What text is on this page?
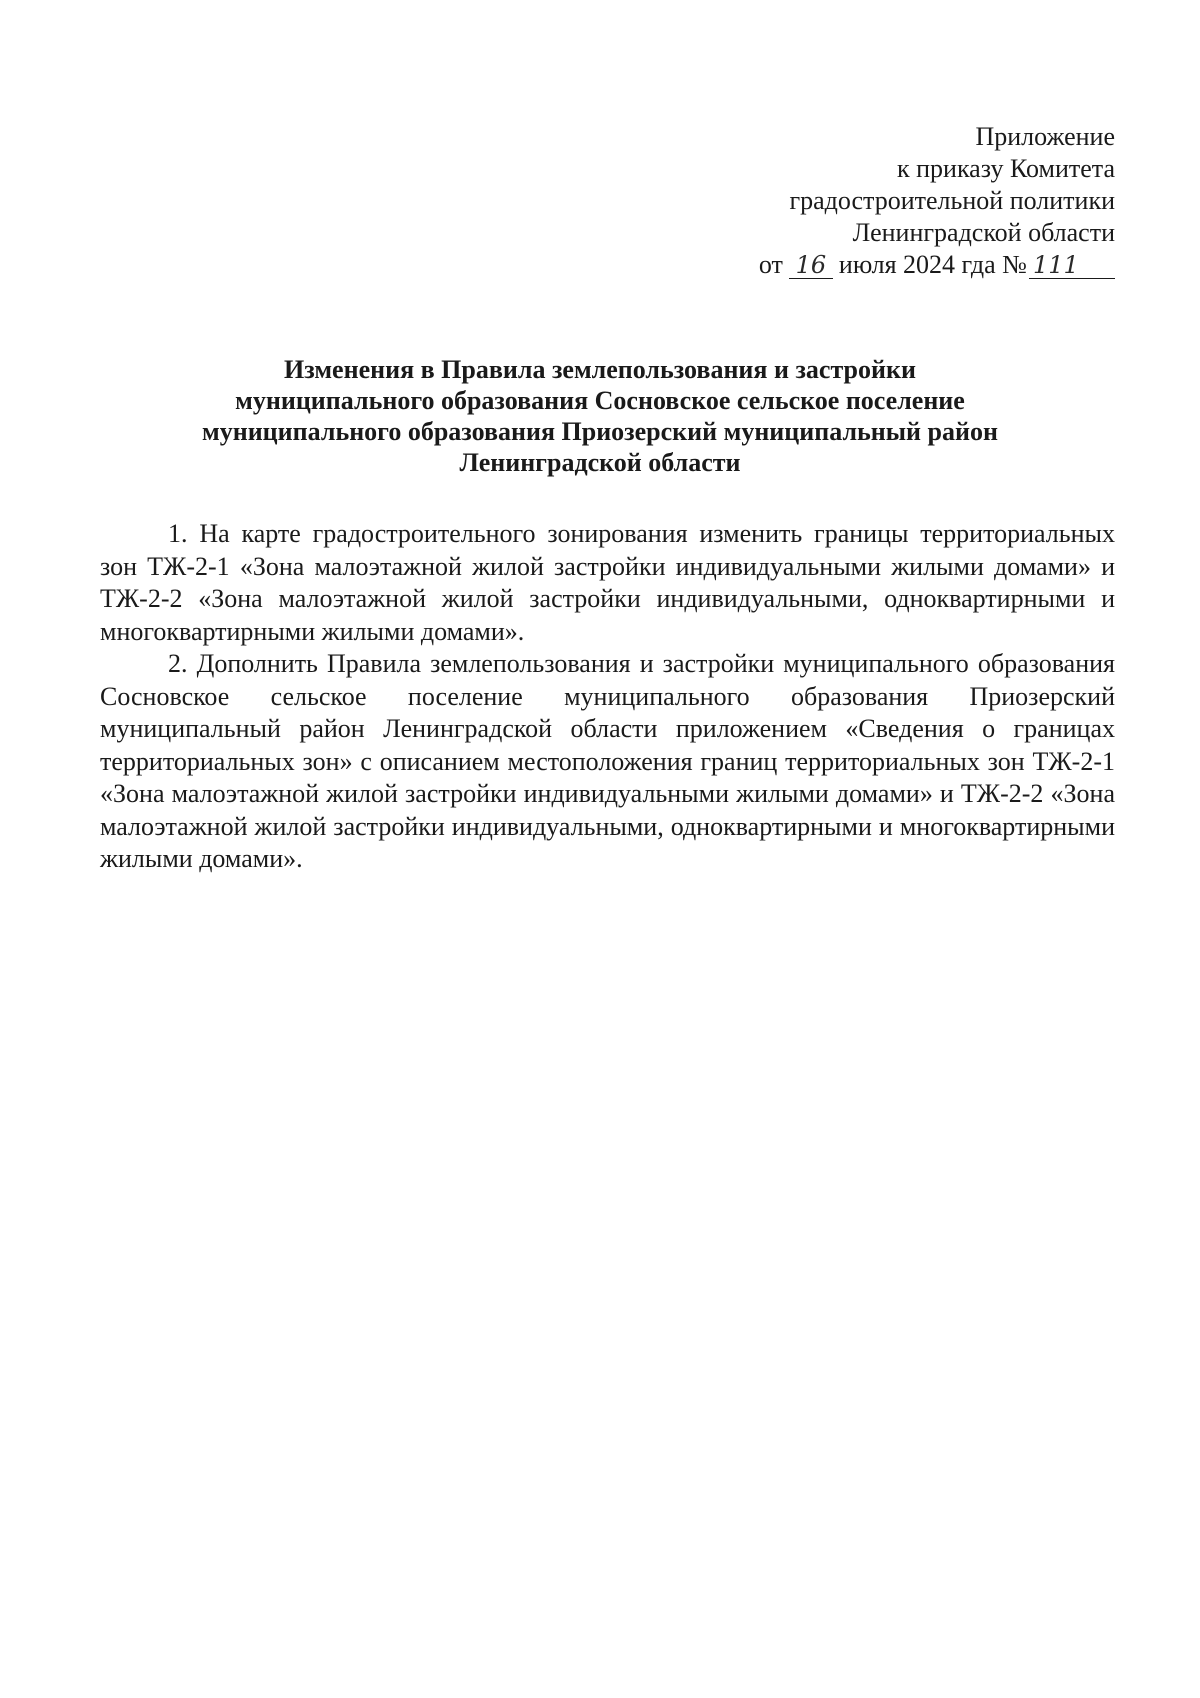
Приложение
к приказу Комитета
градостроительной политики
Ленинградской области
от 16 июля 2024 гда № 111
Изменения в Правила землепользования и застройки
муниципального образования Сосновское сельское поселение
муниципального образования Приозерский муниципальный район
Ленинградской области

1. На карте градостроительного зонирования изменить границы территориальных зон ТЖ-2-1 «Зона малоэтажной жилой застройки индивидуальными жилыми домами» и ТЖ-2-2 «Зона малоэтажной жилой застройки индивидуальными, одноквартирными и многоквартирными жилыми домами».

2. Дополнить Правила землепользования и застройки муниципального образования Сосновское сельское поселение муниципального образования Приозерский муниципальный район Ленинградской области приложением «Сведения о границах территориальных зон» с описанием местоположения границ территориальных зон ТЖ-2-1 «Зона малоэтажной жилой застройки индивидуальными жилыми домами» и ТЖ-2-2 «Зона малоэтажной жилой застройки индивидуальными, одноквартирными и многоквартирными жилыми домами».
